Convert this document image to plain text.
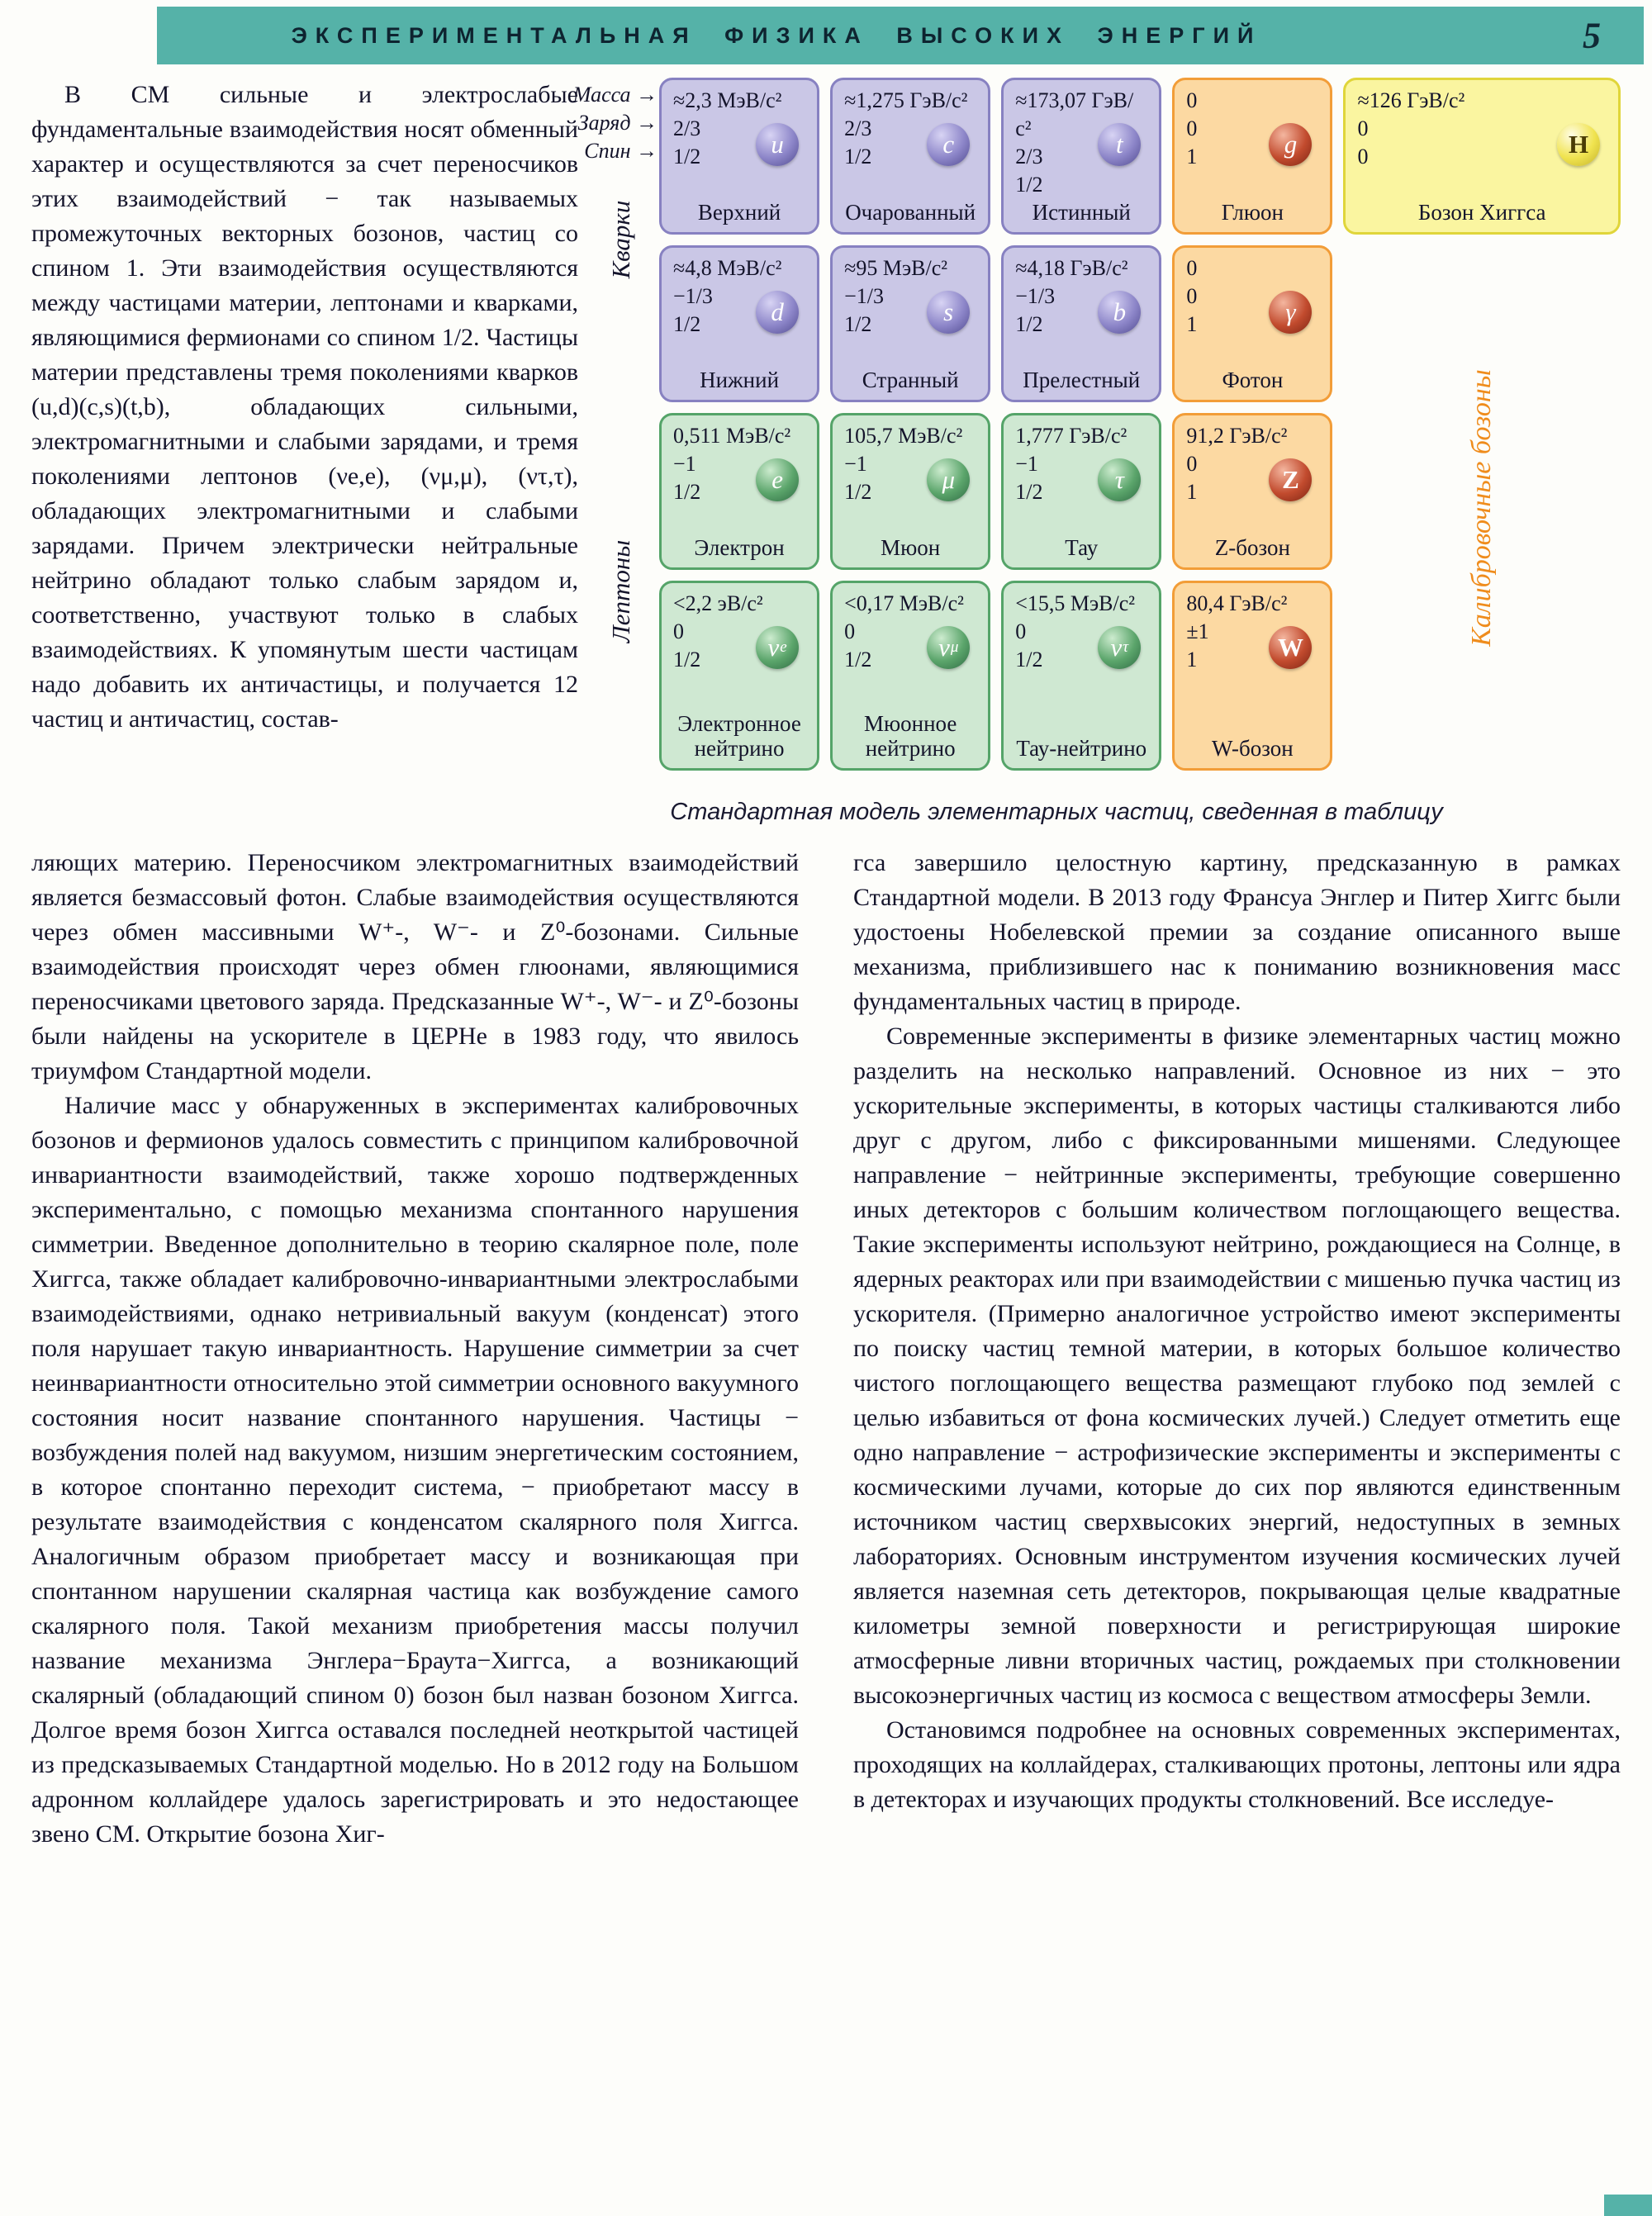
ЭКСПЕРИМЕНТАЛЬНАЯ ФИЗИКА ВЫСОКИХ ЭНЕРГИЙ	5

В СМ сильные и электрослабые фундаментальные взаимодействия носят обменный характер и осуществляются за счет переносчиков этих взаимодействий − так называемых промежуточных векторных бозонов, частиц со спином 1. Эти взаимодействия осуществляются между частицами материи, лептонами и кварками, являющимися фермионами со спином 1/2. Частицы материи представлены тремя поколениями кварков (u,d)(c,s)(t,b), обладающих сильными, электромагнитными и слабыми зарядами, и тремя поколениями лептонов (νe,e), (νμ,μ), (ντ,τ), обладающих электромагнитными и слабыми зарядами. Причем электрически нейтральные нейтрино обладают только слабым зарядом и, соответственно, участвуют только в слабых взаимодействиях. К упомянутым шести частицам надо добавить их античастицы, и получается 12 частиц и античастиц, состав-

Масса →
Заряд →
Спин →
Кварки
Лептоны
≈2,3 МэВ/с²
2/3
1/2	u
Верхний
≈1,275 ГэВ/с²
2/3
1/2	c
Очарованный
≈173,07 ГэВ/с²
2/3
1/2
t
Истинный
0
0
1	g
Глюон
≈126 ГэВ/с²
0
0	H
Бозон Хиггса
≈4,8 МэВ/с²
−1/3
1/2	d
Нижний
≈95 МэВ/с²
−1/3
1/2	s
Странный
≈4,18 ГэВ/с²
−1/3
1/2	b
Прелестный
0
0
1	γ
Фотон
0,511 МэВ/с²
−1
1/2	e
Электрон
105,7 МэВ/с²
−1
1/2	μ
Мюон
1,777 ГэВ/с²
−1
1/2	τ
Тау
91,2 ГэВ/с²
0
1	Z
Z-бозон
<2,2 эВ/с²
0
1/2	ν e
Электронное нейтрино
<0,17 МэВ/с²
0
1/2	ν μ
Мюонное нейтрино
<15,5 МэВ/с²
0
1/2	ν τ
Тау-нейтрино
80,4 ГэВ/с²
±1
1	W
W-бозон
Калибровочные бозоны
Стандартная модель элементарных частиц, сведенная в таблицу

ляющих материю. Переносчиком электромагнитных взаимодействий является безмассовый фотон. Слабые взаимодействия осуществляются через обмен массивными W⁺-, W⁻- и Z⁰-бозонами. Сильные взаимодействия происходят через обмен глюонами, являющимися переносчиками цветового заряда. Предсказанные W⁺-, W⁻- и Z⁰-бозоны были найдены на ускорителе в ЦЕРНе в 1983 году, что явилось триумфом Стандартной модели.

Наличие масс у обнаруженных в экспериментах калибровочных бозонов и фермионов удалось совместить с принципом калибровочной инвариантности взаимодействий, также хорошо подтвержденных экспериментально, с помощью механизма спонтанного нарушения симметрии. Введенное дополнительно в теорию скалярное поле, поле Хиггса, также обладает калибровочно-инвариантными электрослабыми взаимодействиями, однако нетривиальный вакуум (конденсат) этого поля нарушает такую инвариантность. Нарушение симметрии за счет неинвариантности относительно этой симметрии основного вакуумного состояния носит название спонтанного нарушения. Частицы − возбуждения полей над вакуумом, низшим энергетическим состоянием, в которое спонтанно переходит система, − приобретают массу в результате взаимодействия с конденсатом скалярного поля Хиггса. Аналогичным образом приобретает массу и возникающая при спонтанном нарушении скалярная частица как возбуждение самого скалярного поля. Такой механизм приобретения массы получил название механизма Энглера−Браута−Хиггса, а возникающий скалярный (обладающий спином 0) бозон был назван бозоном Хиггса. Долгое время бозон Хиггса оставался последней неоткрытой частицей из предсказываемых Стандартной моделью. Но в 2012 году на Большом адронном коллайдере удалось зарегистрировать и это недостающее звено СМ. Открытие бозона Хиг-

гса завершило целостную картину, предсказанную в рамках Стандартной модели. В 2013 году Франсуа Энглер и Питер Хиггс были удостоены Нобелевской премии за создание описанного выше механизма, приблизившего нас к пониманию возникновения масс фундаментальных частиц в природе.

Современные эксперименты в физике элементарных частиц можно разделить на несколько направлений. Основное из них − это ускорительные эксперименты, в которых частицы сталкиваются либо друг с другом, либо с фиксированными мишенями. Следующее направление − нейтринные эксперименты, требующие совершенно иных детекторов с большим количеством поглощающего вещества. Такие эксперименты используют нейтрино, рождающиеся на Солнце, в ядерных реакторах или при взаимодействии с мишенью пучка частиц из ускорителя. (Примерно аналогичное устройство имеют эксперименты по поиску частиц темной материи, в которых большое количество чистого поглощающего вещества размещают глубоко под землей с целью избавиться от фона космических лучей.) Следует отметить еще одно направление − астрофизические эксперименты и эксперименты с космическими лучами, которые до сих пор являются единственным источником частиц сверхвысоких энергий, недоступных в земных лабораториях. Основным инструментом изучения космических лучей является наземная сеть детекторов, покрывающая целые квадратные километры земной поверхности и регистрирующая широкие атмосферные ливни вторичных частиц, рождаемых при столкновении высокоэнергичных частиц из космоса с веществом атмосферы Земли.

Остановимся подробнее на основных современных экспериментах, проходящих на коллайдерах, сталкивающих протоны, лептоны или ядра в детекторах и изучающих продукты столкновений. Все исследуе-
